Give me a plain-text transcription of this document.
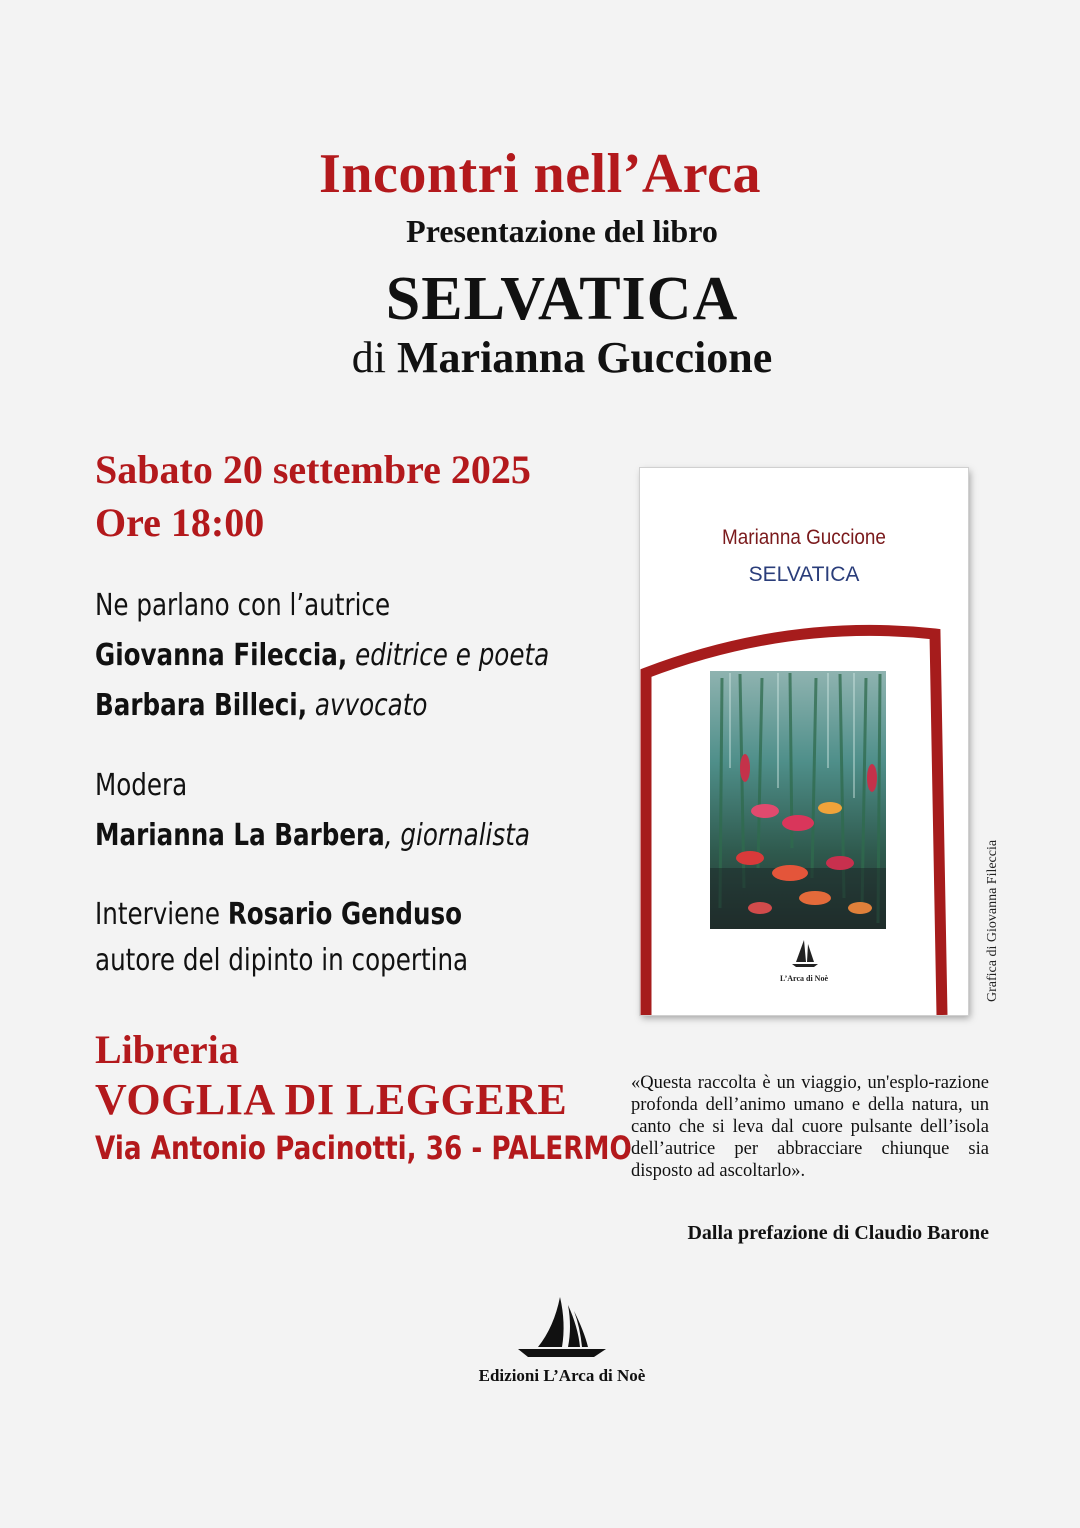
Incontri nell’Arca
Presentazione del libro
SELVATICA
di Marianna Guccione
Sabato 20 settembre 2025
Ore 18:00
Ne parlano con l’autrice
Giovanna Fileccia, editrice e poeta
Barbara Billeci, avvocato
Modera
Marianna La Barbera, giornalista
Interviene Rosario Genduso
autore del dipinto in copertina
Libreria
VOGLIA DI LEGGERE
Via Antonio Pacinotti, 36 - PALERMO
Marianna Guccione
SELVATICA
L’Arca di Noè	Grafica di Giovanna Fileccia
«Questa raccolta è un viaggio, un'esplo-razione profonda dell’animo umano e della natura, un canto che si leva dal cuore pulsante dell’isola dell’autrice per abbracciare chiunque sia disposto ad ascoltarlo».
Dalla prefazione di Claudio Barone
Edizioni L’Arca di Noè
